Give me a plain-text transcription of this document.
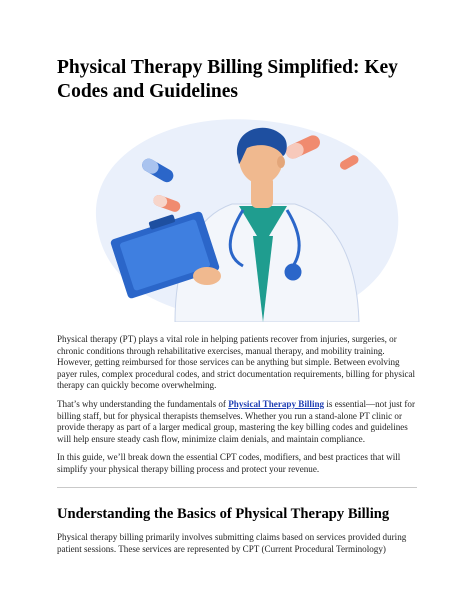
Physical Therapy Billing Simplified: Key Codes and Guidelines

Physical therapy (PT) plays a vital role in helping patients recover from injuries, surgeries, or chronic conditions through rehabilitative exercises, manual therapy, and mobility training. However, getting reimbursed for those services can be anything but simple. Between evolving payer rules, complex procedural codes, and strict documentation requirements, billing for physical therapy can quickly become overwhelming.

That’s why understanding the fundamentals of Physical Therapy Billing is essential—not just for billing staff, but for physical therapists themselves. Whether you run a stand-alone PT clinic or provide therapy as part of a larger medical group, mastering the key billing codes and guidelines will help ensure steady cash flow, minimize claim denials, and maintain compliance.

In this guide, we’ll break down the essential CPT codes, modifiers, and best practices that will simplify your physical therapy billing process and protect your revenue.

Understanding the Basics of Physical Therapy Billing

Physical therapy billing primarily involves submitting claims based on services provided during patient sessions. These services are represented by CPT (Current Procedural Terminology)
